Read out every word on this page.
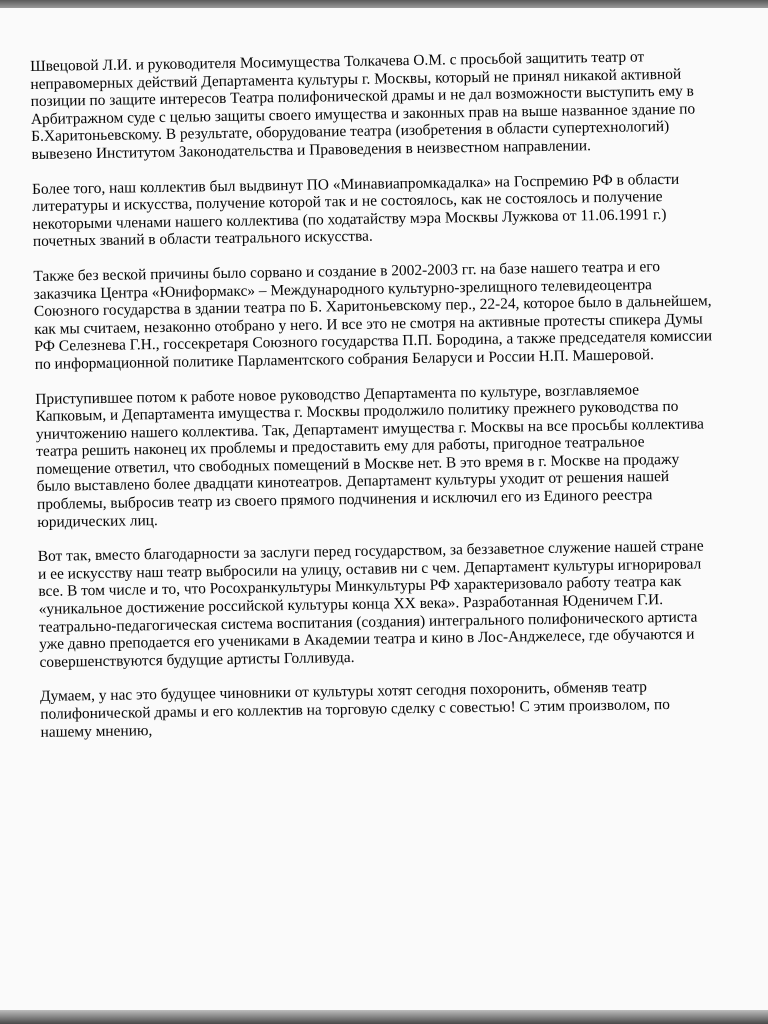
Швецовой Л.И. и руководителя Мосимущества Толкачева О.М. с просьбой защитить театр от неправомерных действий Департамента культуры г. Москвы, который не принял никакой активной позиции по защите интересов Театра полифонической драмы и не дал возможности выступить ему в Арбитражном суде с целью защиты своего имущества и законных прав на выше названное здание по Б.Харитоньевскому. В результате, оборудование театра (изобретения в области супертехнологий) вывезено Институтом Законодательства и Правоведения в неизвестном направлении.

Более того, наш коллектив был выдвинут ПО «Минавиапромкадалка» на Госпремию РФ в области литературы и искусства, получение которой так и не состоялось, как не состоялось и получение некоторыми членами нашего коллектива (по ходатайству мэра Москвы Лужкова от 11.06.1991 г.) почетных званий в области театрального искусства.

Также без веской причины было сорвано и создание в 2002-2003 гг. на базе нашего театра и его заказчика Центра «Юниформакс» – Международного культурно-зрелищного телевидеоцентра Союзного государства в здании театра по Б. Харитоньевскому пер., 22-24, которое было в дальнейшем, как мы считаем, незаконно отобрано у него. И все это не смотря на активные протесты спикера Думы РФ Селезнева Г.Н., госсекретаря Союзного государства П.П. Бородина, а также председателя комиссии по информационной политике Парламентского собрания Беларуси и России Н.П. Машеровой.

Приступившее потом к работе новое руководство Департамента по культуре, возглавляемое Капковым, и Департамента имущества г. Москвы продолжило политику прежнего руководства по уничтожению нашего коллектива. Так, Департамент имущества г. Москвы на все просьбы коллектива театра решить наконец их проблемы и предоставить ему для работы, пригодное театральное помещение ответил, что свободных помещений в Москве нет. В это время в г. Москве на продажу было выставлено более двадцати кинотеатров. Департамент культуры уходит от решения нашей проблемы, выбросив театр из своего прямого подчинения и исключил его из Единого реестра юридических лиц.

Вот так, вместо благодарности за заслуги перед государством, за беззаветное служение нашей стране и ее искусству наш театр выбросили на улицу, оставив ни с чем. Департамент культуры игнорировал все. В том числе и то, что Росохранкультуры Минкультуры РФ характеризовало работу театра как «уникальное достижение российской культуры конца XX века». Разработанная Юденичем Г.И. театрально-педагогическая система воспитания (создания) интегрального полифонического артиста уже давно преподается его учениками в Академии театра и кино в Лос-Анджелесе, где обучаются и совершенствуются будущие артисты Голливуда.

Думаем, у нас это будущее чиновники от культуры хотят сегодня похоронить, обменяв театр полифонической драмы и его коллектив на торговую сделку с совестью! С этим произволом, по нашему мнению,
